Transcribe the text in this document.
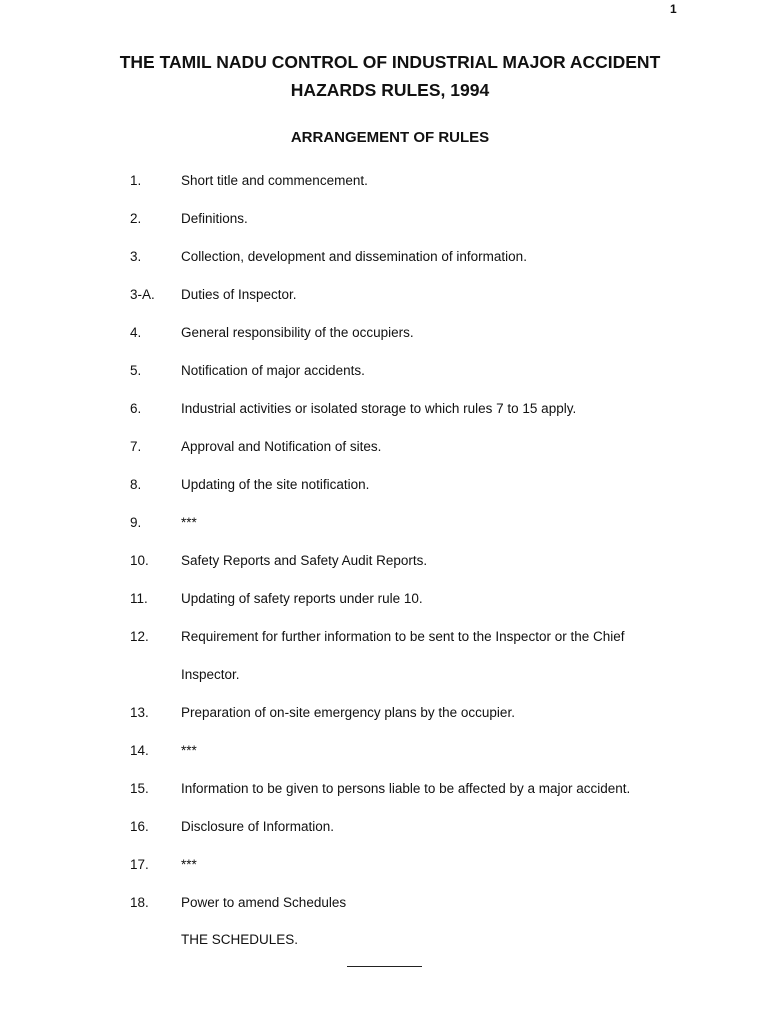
1
THE TAMIL NADU CONTROL OF INDUSTRIAL MAJOR ACCIDENT
HAZARDS RULES, 1994
ARRANGEMENT OF RULES
1.	Short title and commencement.
2.	Definitions.
3.	Collection, development and dissemination of information.
3-A. Duties of Inspector.
4.	General responsibility of the occupiers.
5.	Notification of major accidents.
6.	Industrial activities or isolated storage to which rules 7 to 15 apply.
7.	Approval and Notification of sites.
8.	Updating of the site notification.
9.	***
10. Safety Reports and Safety Audit Reports.
11. Updating of safety reports under rule 10.
12. Requirement for further information to be sent to the Inspector or the Chief Inspector.
13. Preparation of on-site emergency plans by the occupier.
14. ***
15. Information to be given to persons liable to be affected by a major accident.
16. Disclosure of Information.
17. ***
18. Power to amend Schedules
THE SCHEDULES.
